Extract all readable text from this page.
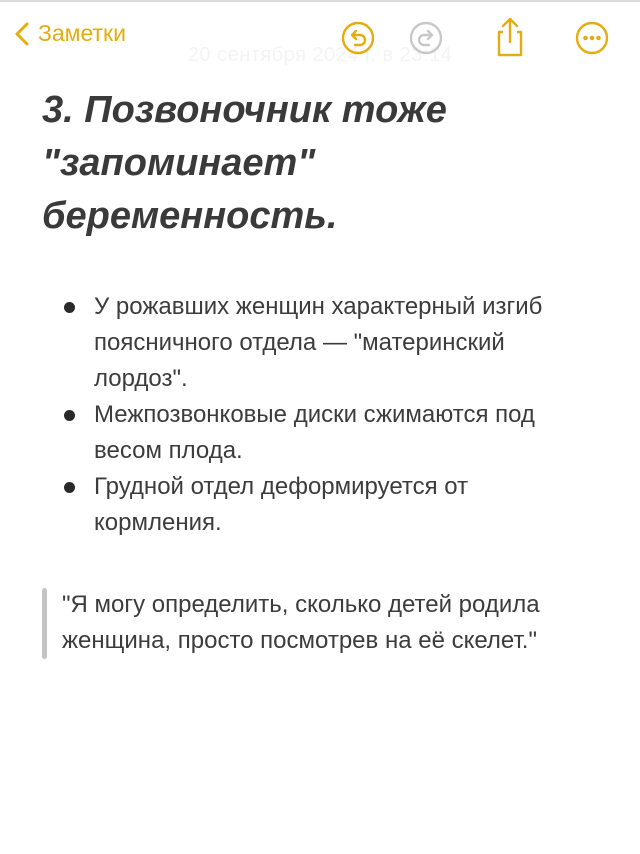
Заметки
20 сентября 2024 г. в 23:14
3. Позвоночник тоже "запоминает" беременность.
У рожавших женщин характерный изгиб поясничного отдела — "материнский лордоз".
Межпозвонковые диски сжимаются под весом плода.
Грудной отдел деформируется от кормления.
"Я могу определить, сколько детей родила женщина, просто посмотрев на её скелет."
